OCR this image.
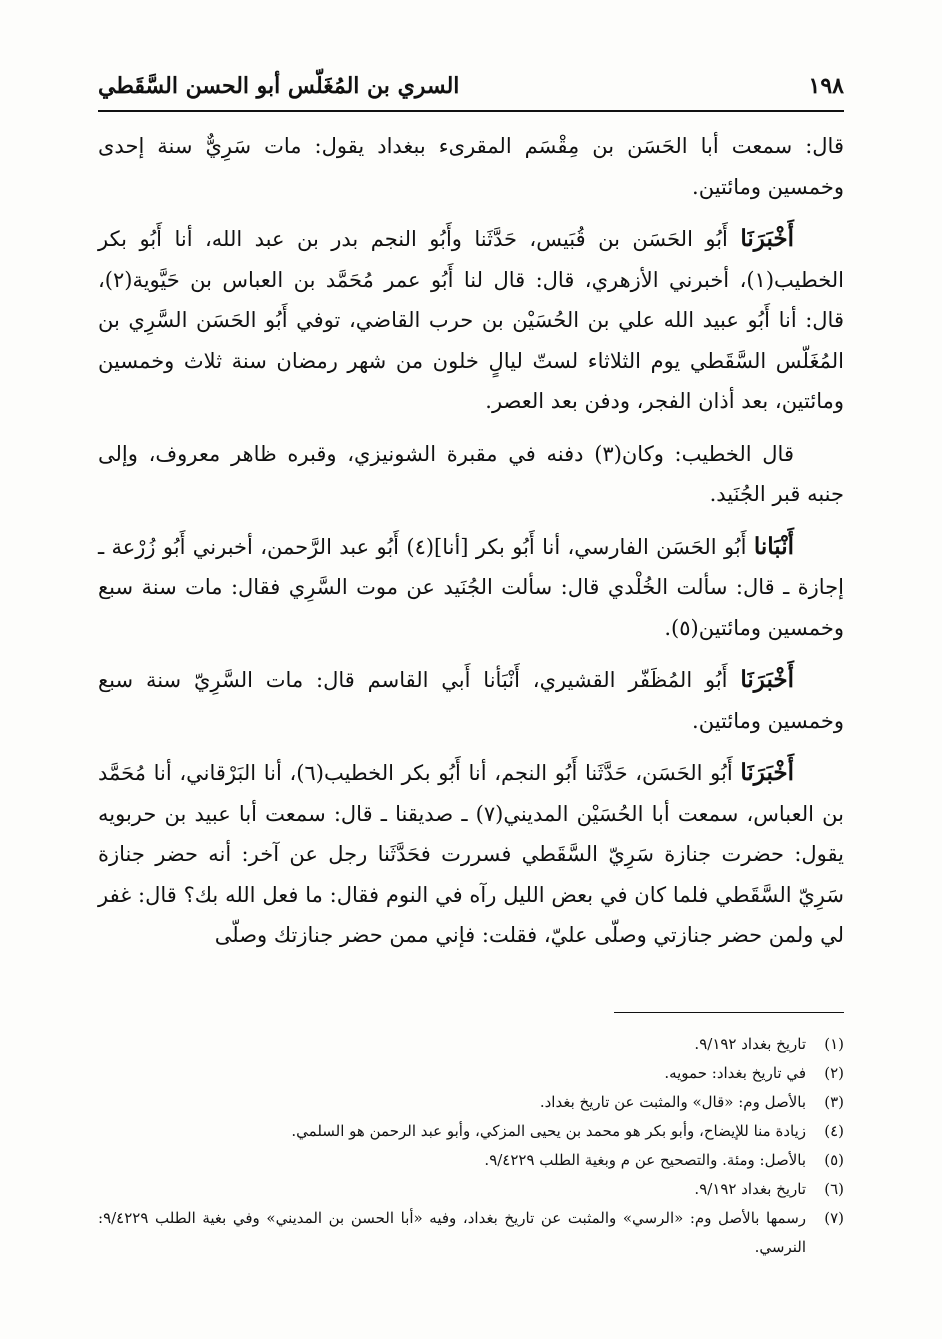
١٩٨
السري بن المُغَلّس أبو الحسن السَّقَطي

قال: سمعت أبا الحَسَن بن مِقْسَم المقرىء ببغداد يقول: مات سَرِيٌّ سنة إحدى وخمسين ومائتين.

أَخْبَرَنَا أَبُو الحَسَن بن قُبَيس، حَدَّثَنا وأَبُو النجم بدر بن عبد الله، أنا أَبُو بكر الخطيب(١)، أخبرني الأزهري، قال: قال لنا أَبُو عمر مُحَمَّد بن العباس بن حَيَّوية(٢)، قال: أنا أَبُو عبيد الله علي بن الحُسَيْن بن حرب القاضي، توفي أَبُو الحَسَن السَّرِي بن المُغَلّس السَّقَطي يوم الثلاثاء لستّ ليالٍ خلون من شهر رمضان سنة ثلاث وخمسين ومائتين، بعد أذان الفجر، ودفن بعد العصر.

قال الخطيب: وكان(٣) دفنه في مقبرة الشونيزي، وقبره ظاهر معروف، وإلى جنبه قبر الجُنَيد.

أَنْبَانا أَبُو الحَسَن الفارسي، أنا أَبُو بكر [أنا](٤) أَبُو عبد الرَّحمن، أخبرني أَبُو زُرْعة ـ إجازة ـ قال: سألت الخُلْدي قال: سألت الجُنَيد عن موت السَّرِي فقال: مات سنة سبع وخمسين ومائتين(٥).

أَخْبَرَنَا أَبُو المُظَفّر القشيري، أَنْبَأنا أَبي القاسم قال: مات السَّرِيّ سنة سبع وخمسين ومائتين.

أَخْبَرَنَا أَبُو الحَسَن، حَدَّثَنا أَبُو النجم، أنا أَبُو بكر الخطيب(٦)، أنا البَرْقاني، أنا مُحَمَّد بن العباس، سمعت أبا الحُسَيْن المديني(٧) ـ صديقنا ـ قال: سمعت أبا عبيد بن حربويه يقول: حضرت جنازة سَرِيّ السَّقَطي فسررت فحَدَّثَنا رجل عن آخر: أنه حضر جنازة سَرِيّ السَّقَطي فلما كان في بعض الليل رآه في النوم فقال: ما فعل الله بك؟ قال: غفر لي ولمن حضر جنازتي وصلّى عليّ، فقلت: فإني ممن حضر جنازتك وصلّى

(١)
تاريخ بغداد ٩/١٩٢.
(٢)
في تاريخ بغداد: حمويه.
(٣)
بالأصل وم: «قال» والمثبت عن تاريخ بغداد.
(٤)
زيادة منا للإيضاح، وأبو بكر هو محمد بن يحيى المزكي، وأبو عبد الرحمن هو السلمي.
(٥)
بالأصل: ومئة. والتصحيح عن م وبغية الطلب ٩/٤٢٢٩.
(٦)
تاريخ بغداد ٩/١٩٢.
(٧)
رسمها بالأصل وم: «الرسي» والمثبت عن تاريخ بغداد، وفيه «أبا الحسن بن المديني» وفي بغية الطلب ٩/٤٢٢٩: النرسي.
